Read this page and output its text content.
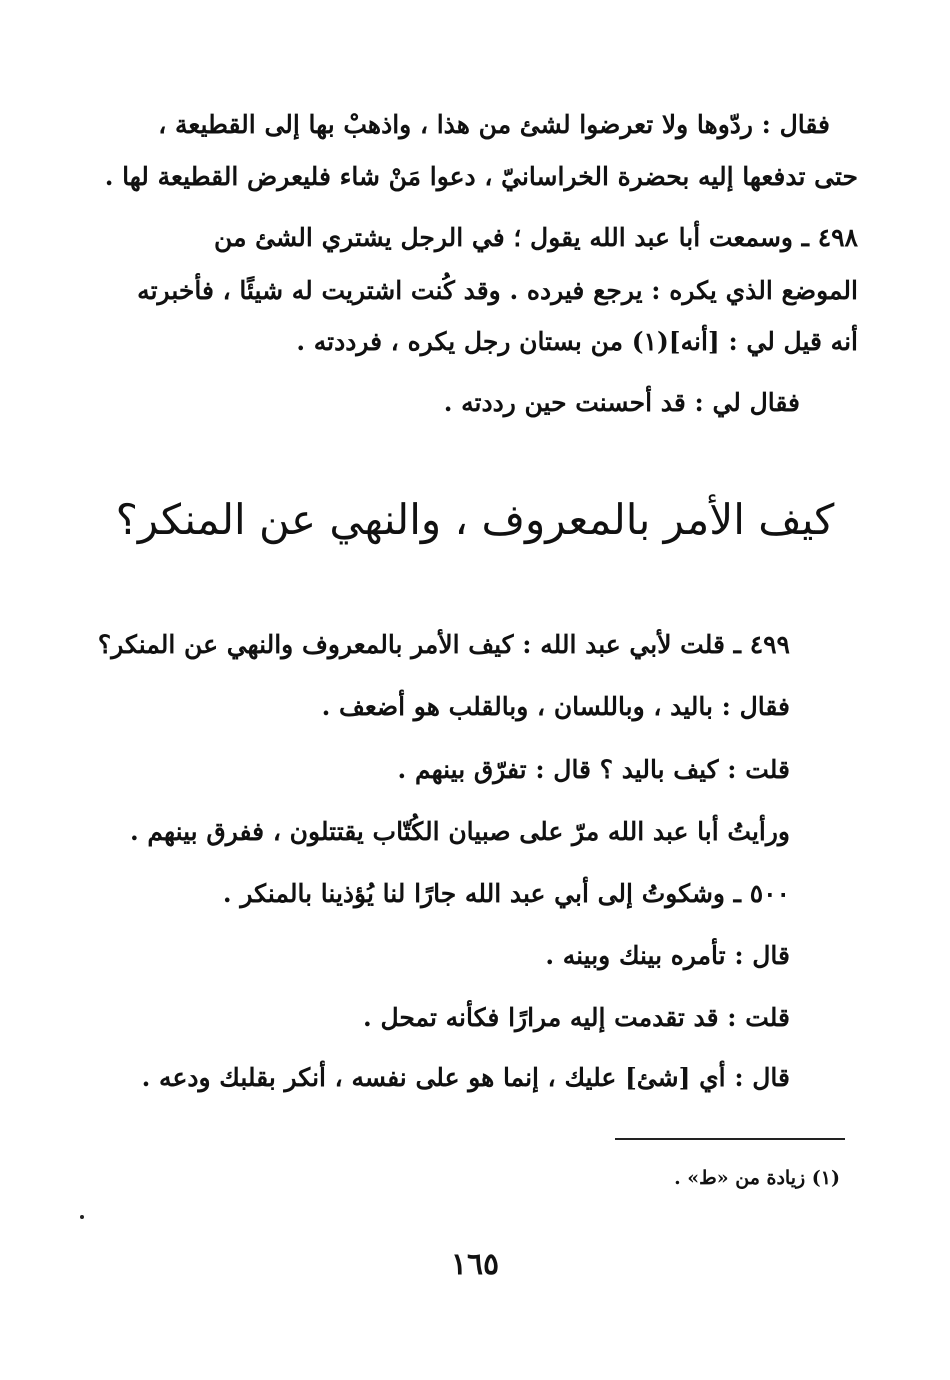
فقال : ردّوها ولا تعرضوا لشئ من هذا ، واذهبْ بها إلى القطيعة ،
حتى تدفعها إليه بحضرة الخراسانيّ ، دعوا مَنْ شاء فليعرض القطيعة لها .
٤٩٨ ـ وسمعت أبا عبد الله يقول ؛ في الرجل يشتري الشئ من
الموضع الذي يكره : يرجع فيرده . وقد كُنت اشتريت له شيئًا ، فأخبرته
أنه قيل لي : [أنه](١) من بستان رجل يكره ، فرددته .
فقال لي : قد أحسنت حين رددته .
كيف الأمر بالمعروف ، والنهي عن المنكر؟
٤٩٩ ـ قلت لأبي عبد الله : كيف الأمر بالمعروف والنهي عن المنكر؟
فقال : باليد ، وباللسان ، وبالقلب هو أضعف .
قلت : كيف باليد ؟ قال : تفرّق بينهم .
ورأيتُ أبا عبد الله مرّ على صبيان الكُتّاب يقتتلون ، ففرق بينهم .
٥٠٠ ـ وشكوتُ إلى أبي عبد الله جارًا لنا يُؤذينا بالمنكر .
قال : تأمره بينك وبينه .
قلت : قد تقدمت إليه مرارًا فكأنه تمحل .
قال : أي [شئ] عليك ، إنما هو على نفسه ، أنكر بقلبك ودعه .
(١) زيادة من «ط» .
١٦٥
